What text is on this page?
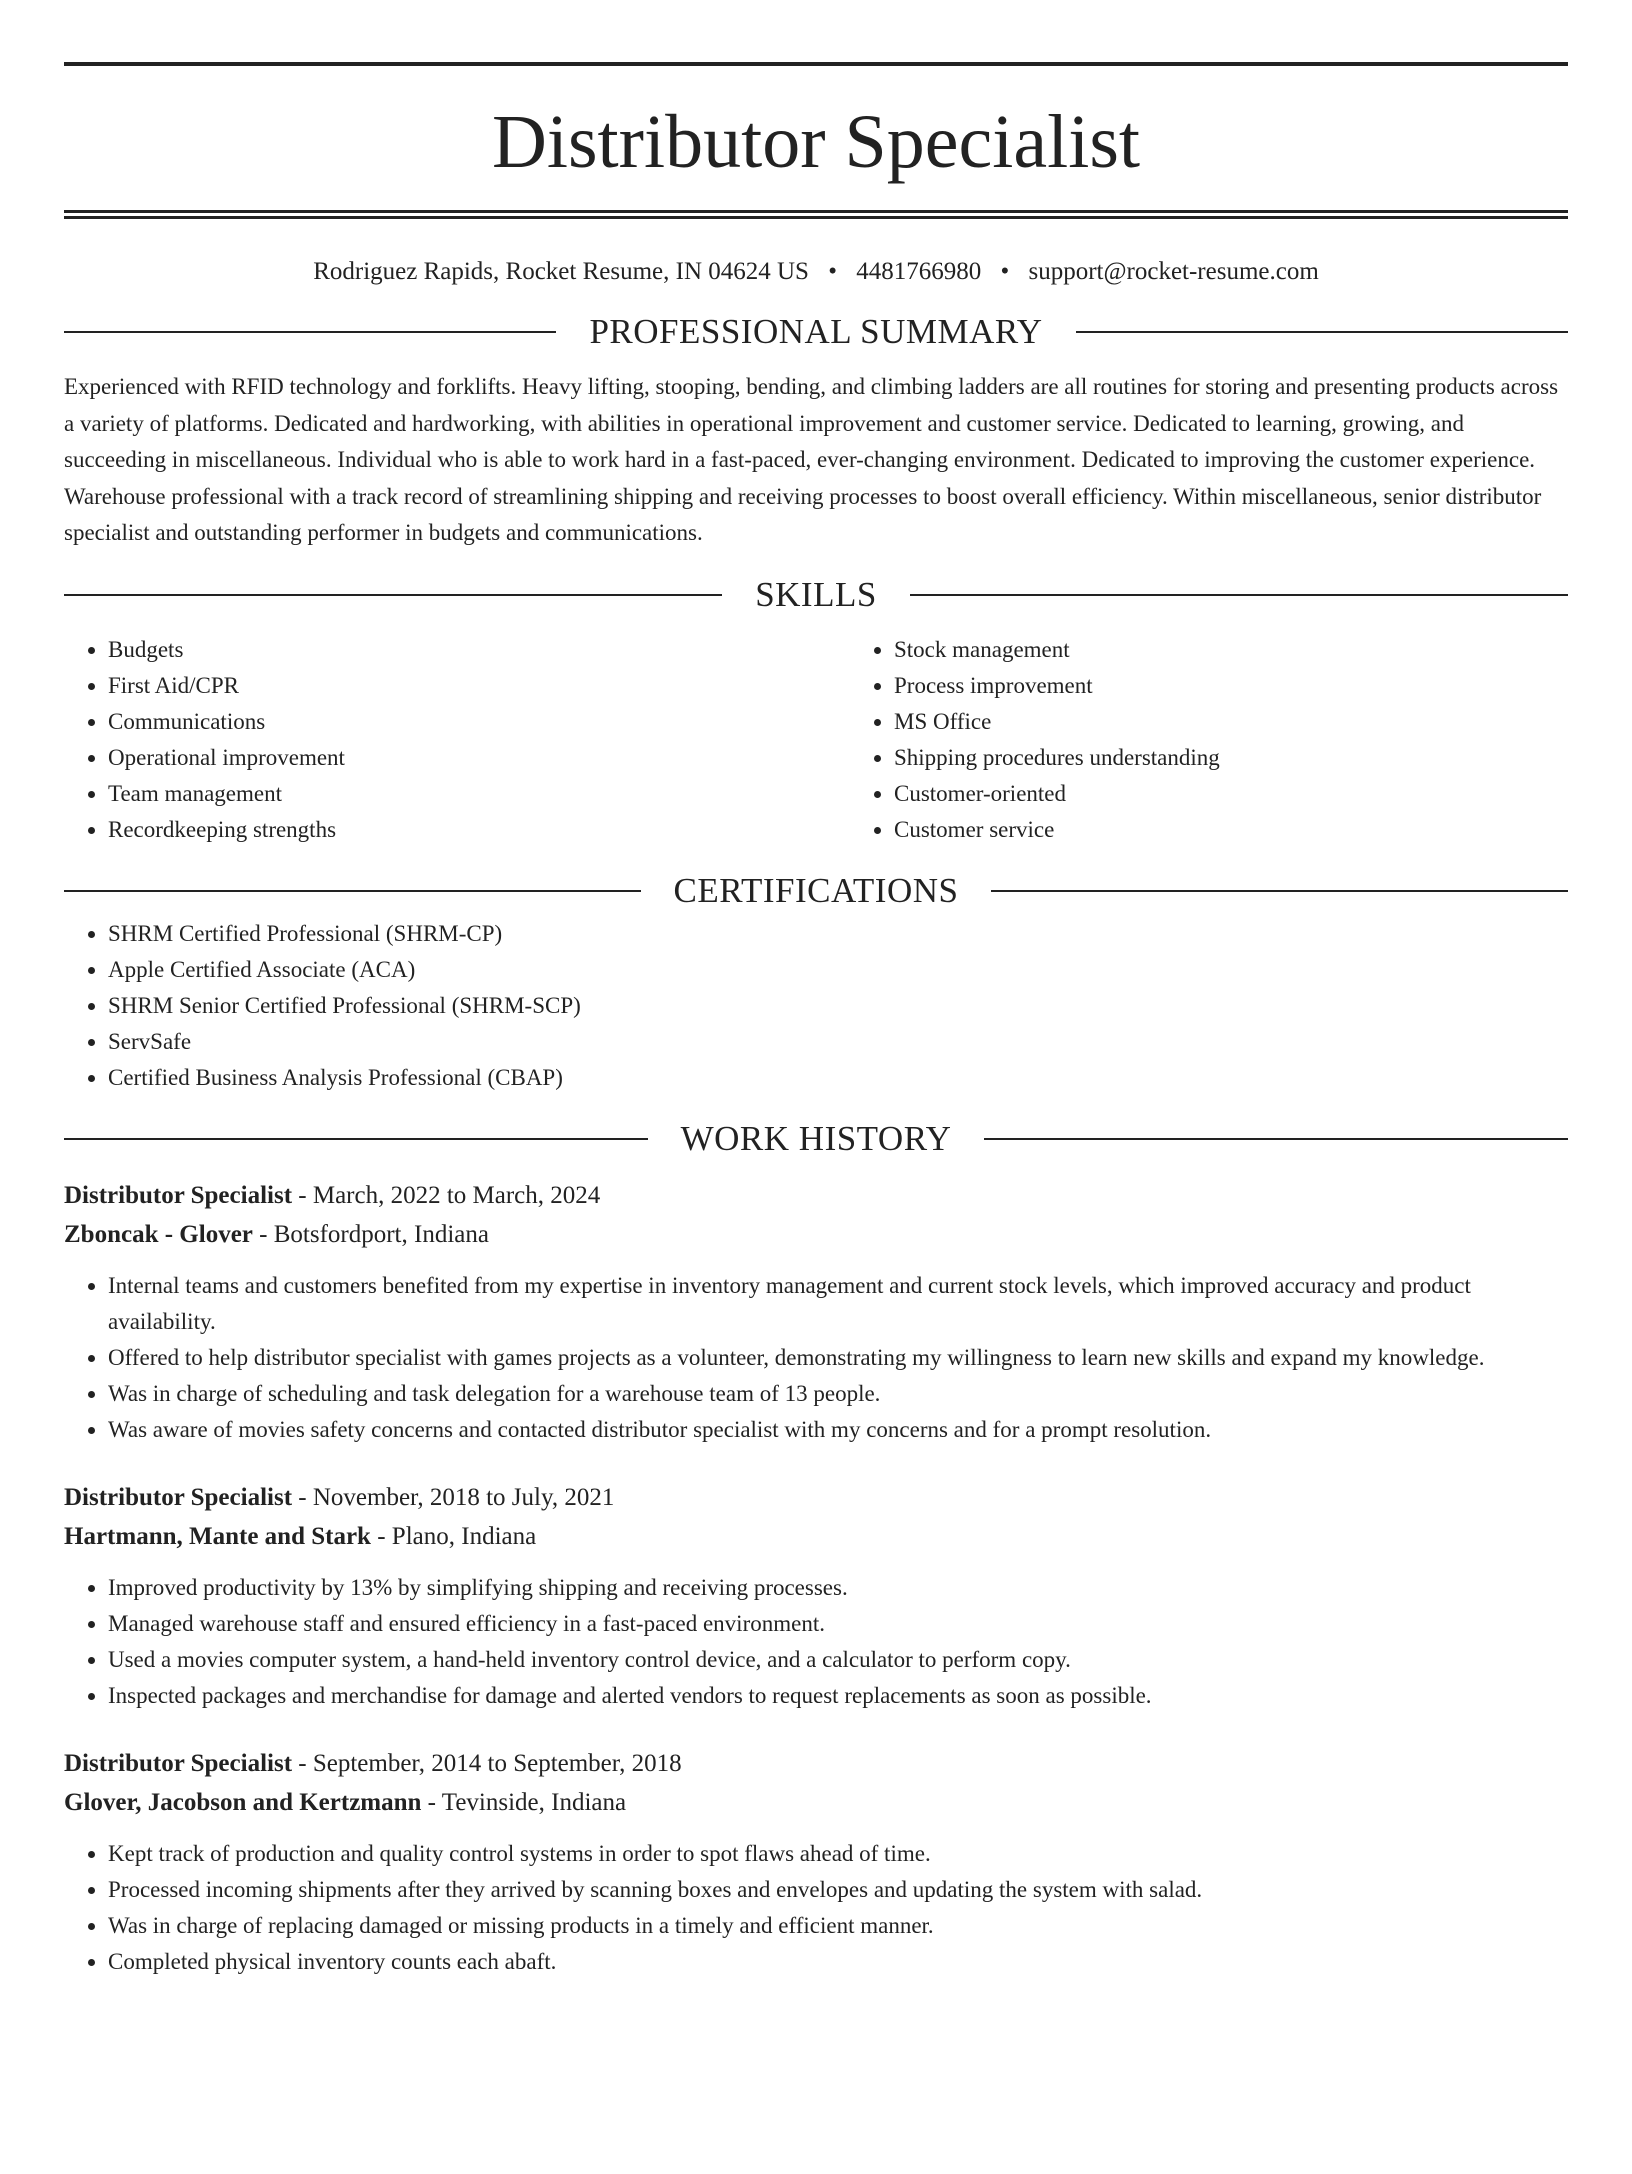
Distributor Specialist
Rodriguez Rapids, Rocket Resume, IN 04624 US • 4481766980 • support@rocket-resume.com
PROFESSIONAL SUMMARY
Experienced with RFID technology and forklifts. Heavy lifting, stooping, bending, and climbing ladders are all routines for storing and presenting products across a variety of platforms. Dedicated and hardworking, with abilities in operational improvement and customer service. Dedicated to learning, growing, and succeeding in miscellaneous. Individual who is able to work hard in a fast-paced, ever-changing environment. Dedicated to improving the customer experience. Warehouse professional with a track record of streamlining shipping and receiving processes to boost overall efficiency. Within miscellaneous, senior distributor specialist and outstanding performer in budgets and communications.
SKILLS
• Budgets
• First Aid/CPR
• Communications
• Operational improvement
• Team management
• Recordkeeping strengths
• Stock management
• Process improvement
• MS Office
• Shipping procedures understanding
• Customer-oriented
• Customer service
CERTIFICATIONS
• SHRM Certified Professional (SHRM-CP)
• Apple Certified Associate (ACA)
• SHRM Senior Certified Professional (SHRM-SCP)
• ServSafe
• Certified Business Analysis Professional (CBAP)
WORK HISTORY
Distributor Specialist - March, 2022 to March, 2024
Zboncak - Glover - Botsfordport, Indiana
• Internal teams and customers benefited from my expertise in inventory management and current stock levels, which improved accuracy and product availability.
• Offered to help distributor specialist with games projects as a volunteer, demonstrating my willingness to learn new skills and expand my knowledge.
• Was in charge of scheduling and task delegation for a warehouse team of 13 people.
• Was aware of movies safety concerns and contacted distributor specialist with my concerns and for a prompt resolution.
Distributor Specialist - November, 2018 to July, 2021
Hartmann, Mante and Stark - Plano, Indiana
• Improved productivity by 13% by simplifying shipping and receiving processes.
• Managed warehouse staff and ensured efficiency in a fast-paced environment.
• Used a movies computer system, a hand-held inventory control device, and a calculator to perform copy.
• Inspected packages and merchandise for damage and alerted vendors to request replacements as soon as possible.
Distributor Specialist - September, 2014 to September, 2018
Glover, Jacobson and Kertzmann - Tevinside, Indiana
• Kept track of production and quality control systems in order to spot flaws ahead of time.
• Processed incoming shipments after they arrived by scanning boxes and envelopes and updating the system with salad.
• Was in charge of replacing damaged or missing products in a timely and efficient manner.
• Completed physical inventory counts each abaft.
